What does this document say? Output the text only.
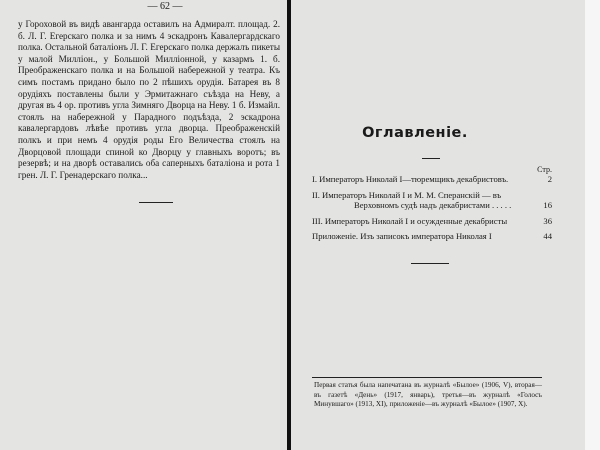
— 62 —
у Гороховой въ видѣ авангарда оставилъ на Адмиралт. площад. 2. б. Л. Г. Егерскаго полка и за нимъ 4 эскадронъ Кавалергардскаго полка. Остальной баталіонъ Л. Г. Егерскаго полка держалъ пикеты у малой Милліон., у Большой Милліонной, у казармъ 1. б. Преображенскаго полка и на Большой набережной у театра. Къ симъ постамъ придано было по 2 пѣшихъ орудія. Батарея въ 8 орудіяхъ поставлены были у Эрмитажнаго съѣзда на Неву, а другая въ 4 ор. противъ угла Зимняго Дворца на Неву. 1 б. Измайл. стоялъ на набережной у Парадного подъѣзда, 2 эскадрона кавалергардовъ лѣвѣе противъ угла дворца. Преображенскій полкъ и при немъ 4 орудія роды Его Величества стоялъ на Дворцовой площади спиной ко Дворцу у главныхъ воротъ; въ резервѣ; и на дворѣ оставались оба саперныхъ баталіона и рота 1 грен. Л. Г. Гренадерскаго полка...
Оглавленiе.
Стр.
I. Императоръ Николай I—тюремщикъ декабристовъ.	2
II. Императоръ Николай I и М. М. Сперанскій — въ
Верховномъ судѣ надъ декабристами . . . . .	16
III. Императоръ Николай I и осужденные декабристы	36
Приложенiе. Изъ записокъ императора Николая I	44
Первая статья была напечатана въ журналѣ «Былое» (1906, V), вторая—въ газетѣ «День» (1917, январь), третья—въ журналѣ «Голосъ Минувшаго» (1913, XI), приложеніе—въ журналѣ «Былое» (1907, X).
